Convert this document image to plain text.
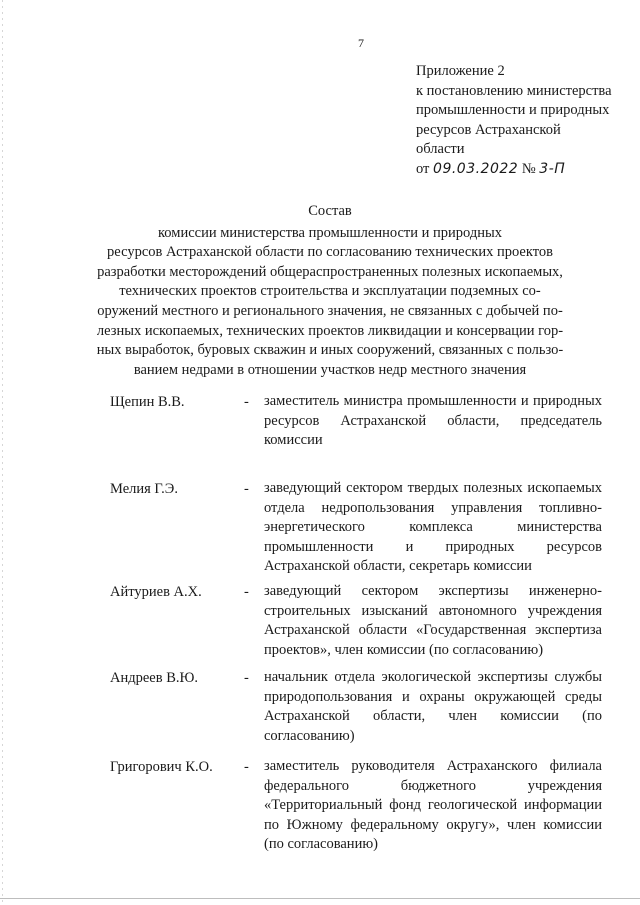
7
Приложение 2
к постановлению министерства
промышленности и природных
ресурсов Астраханской
области
от 09.03.2022 № 3-П
Состав
комиссии министерства промышленности и природных
ресурсов Астраханской области по согласованию технических проектов
разработки месторождений общераспространенных полезных ископаемых,
технических проектов строительства и эксплуатации подземных со-
оружений местного и регионального значения, не связанных с добычей по-
лезных ископаемых, технических проектов ликвидации и консервации гор-
ных выработок, буровых скважин и иных сооружений, связанных с пользо-
ванием недрами в отношении участков недр местного значения
Щепин В.В.	- заместитель министра промышленности и природных ресурсов Астраханской области, председатель комиссии
Мелия Г.Э.	- заведующий сектором твердых полезных ископаемых отдела недропользования управления топливно-энергетического комплекса министерства промышленности и природных ресурсов Астраханской области, секретарь комиссии
Айтуриев А.Х.	- заведующий сектором экспертизы инженерно-строительных изысканий автономного учреждения Астраханской области «Государственная экспертиза проектов», член комиссии (по согласованию)
Андреев В.Ю.	- начальник отдела экологической экспертизы службы природопользования и охраны окружающей среды Астраханской области, член комиссии (по согласованию)
Григорович К.О. - заместитель руководителя Астраханского филиала федерального бюджетного учреждения «Территориальный фонд геологической информации по Южному федеральному округу», член комиссии (по согласованию)
